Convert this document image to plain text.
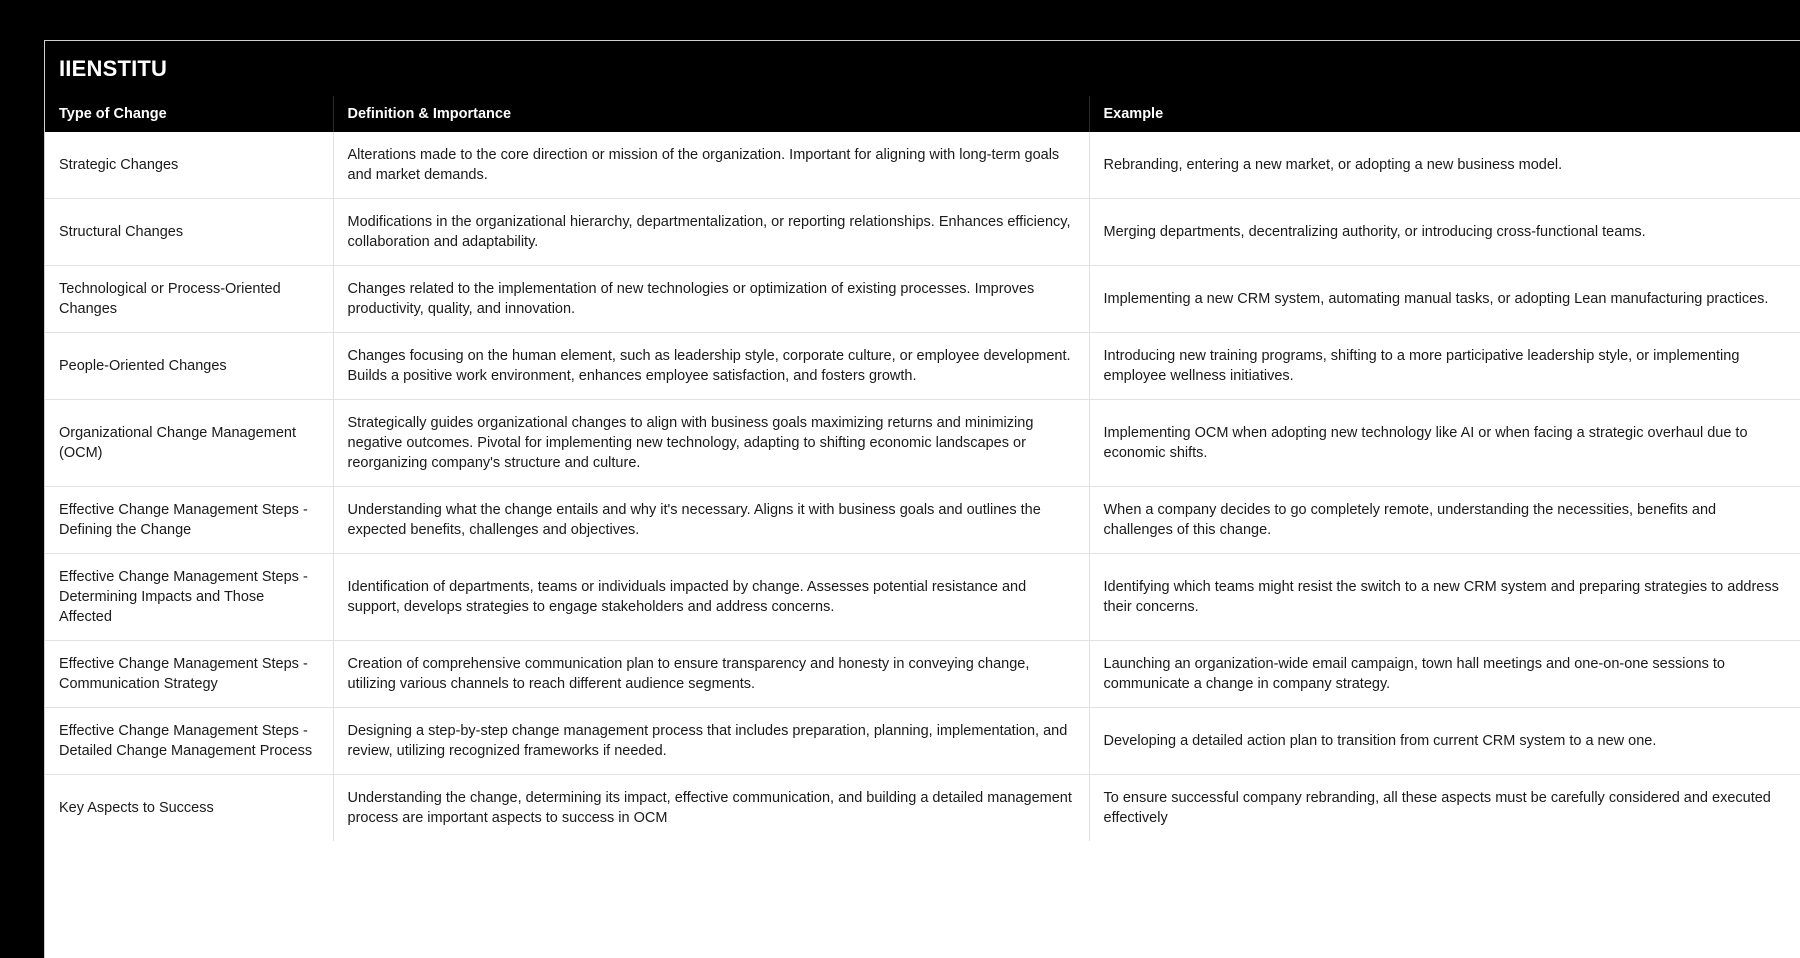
IIENSTITU
Type of Change	Definition & Importance	Example
Strategic Changes	Alterations made to the core direction or mission of the organization. Important for aligning with long-term goals and market demands.	Rebranding, entering a new market, or adopting a new business model.
Structural Changes	Modifications in the organizational hierarchy, departmentalization, or reporting relationships. Enhances efficiency, collaboration and adaptability.	Merging departments, decentralizing authority, or introducing cross-functional teams.
Technological or Process-Oriented Changes	Changes related to the implementation of new technologies or optimization of existing processes. Improves productivity, quality, and innovation.	Implementing a new CRM system, automating manual tasks, or adopting Lean manufacturing practices.
People-Oriented Changes	Changes focusing on the human element, such as leadership style, corporate culture, or employee development. Builds a positive work environment, enhances employee satisfaction, and fosters growth.	Introducing new training programs, shifting to a more participative leadership style, or implementing employee wellness initiatives.
Organizational Change Management (OCM)	Strategically guides organizational changes to align with business goals maximizing returns and minimizing negative outcomes. Pivotal for implementing new technology, adapting to shifting economic landscapes or reorganizing company's structure and culture.	Implementing OCM when adopting new technology like AI or when facing a strategic overhaul due to economic shifts.
Effective Change Management Steps - Defining the Change	Understanding what the change entails and why it's necessary. Aligns it with business goals and outlines the expected benefits, challenges and objectives.	When a company decides to go completely remote, understanding the necessities, benefits and challenges of this change.
Effective Change Management Steps - Determining Impacts and Those Affected	Identification of departments, teams or individuals impacted by change. Assesses potential resistance and support, develops strategies to engage stakeholders and address concerns.	Identifying which teams might resist the switch to a new CRM system and preparing strategies to address their concerns.
Effective Change Management Steps - Communication Strategy	Creation of comprehensive communication plan to ensure transparency and honesty in conveying change, utilizing various channels to reach different audience segments.	Launching an organization-wide email campaign, town hall meetings and one-on-one sessions to communicate a change in company strategy.
Effective Change Management Steps - Detailed Change Management Process	Designing a step-by-step change management process that includes preparation, planning, implementation, and review, utilizing recognized frameworks if needed.	Developing a detailed action plan to transition from current CRM system to a new one.
Key Aspects to Success	Understanding the change, determining its impact, effective communication, and building a detailed management process are important aspects to success in OCM	To ensure successful company rebranding, all these aspects must be carefully considered and executed effectively
